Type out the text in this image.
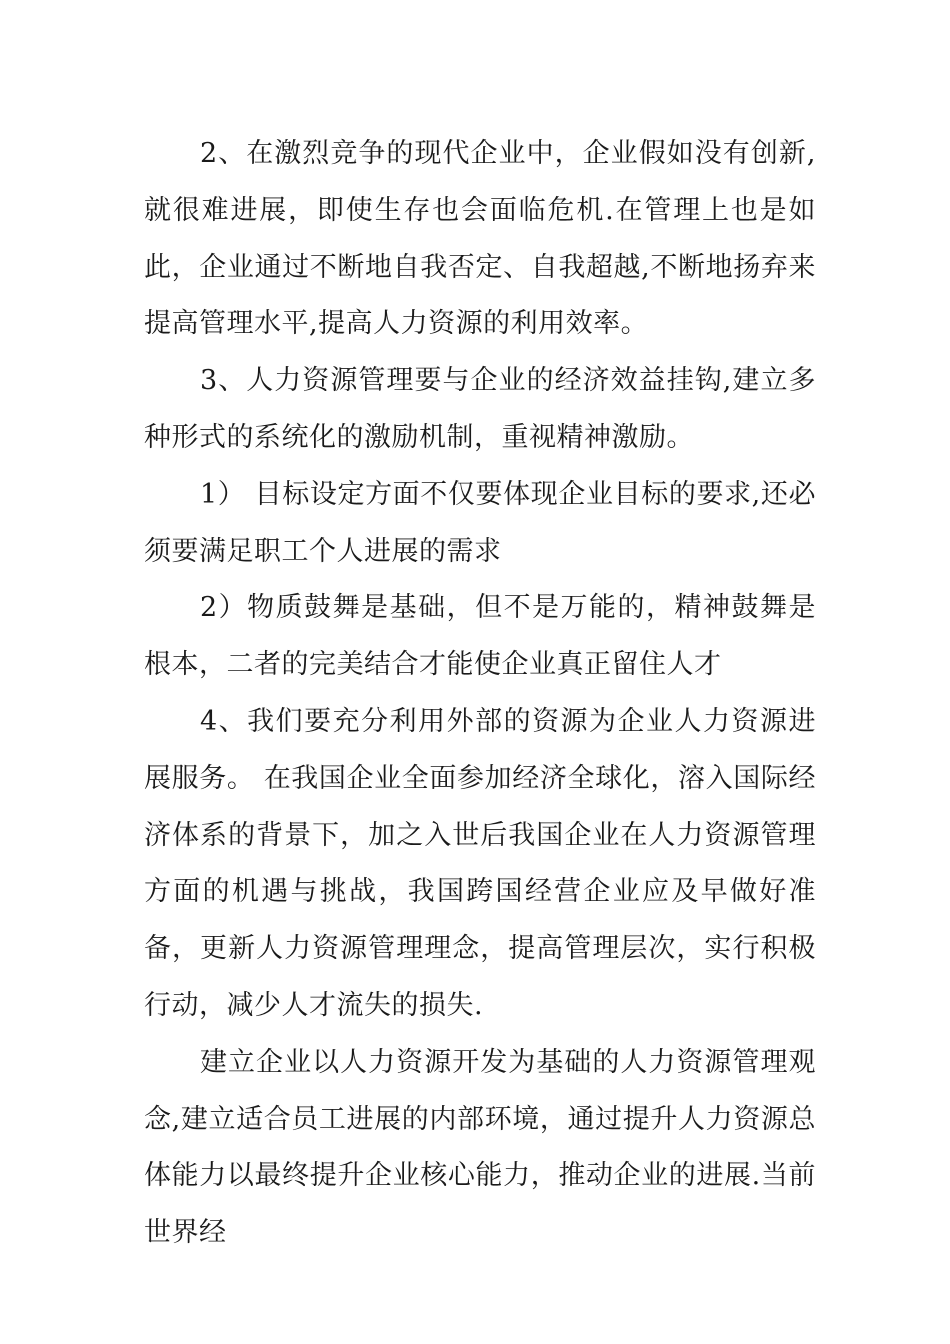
2、在激烈竞争的现代企业中，企业假如没有创新,就很难进展，即使生存也会面临危机.在管理上也是如此，企业通过不断地自我否定、自我超越,不断地扬弃来提高管理水平,提高人力资源的利用效率。

3、人力资源管理要与企业的经济效益挂钩,建立多种形式的系统化的激励机制，重视精神激励。

1） 目标设定方面不仅要体现企业目标的要求,还必须要满足职工个人进展的需求

2）物质鼓舞是基础，但不是万能的，精神鼓舞是根本，二者的完美结合才能使企业真正留住人才

4、我们要充分利用外部的资源为企业人力资源进展服务。 在我国企业全面参加经济全球化，溶入国际经济体系的背景下，加之入世后我国企业在人力资源管理方面的机遇与挑战，我国跨国经营企业应及早做好准备，更新人力资源管理理念，提高管理层次，实行积极行动，减少人才流失的损失.

建立企业以人力资源开发为基础的人力资源管理观念,建立适合员工进展的内部环境，通过提升人力资源总体能力以最终提升企业核心能力，推动企业的进展.当前世界经
